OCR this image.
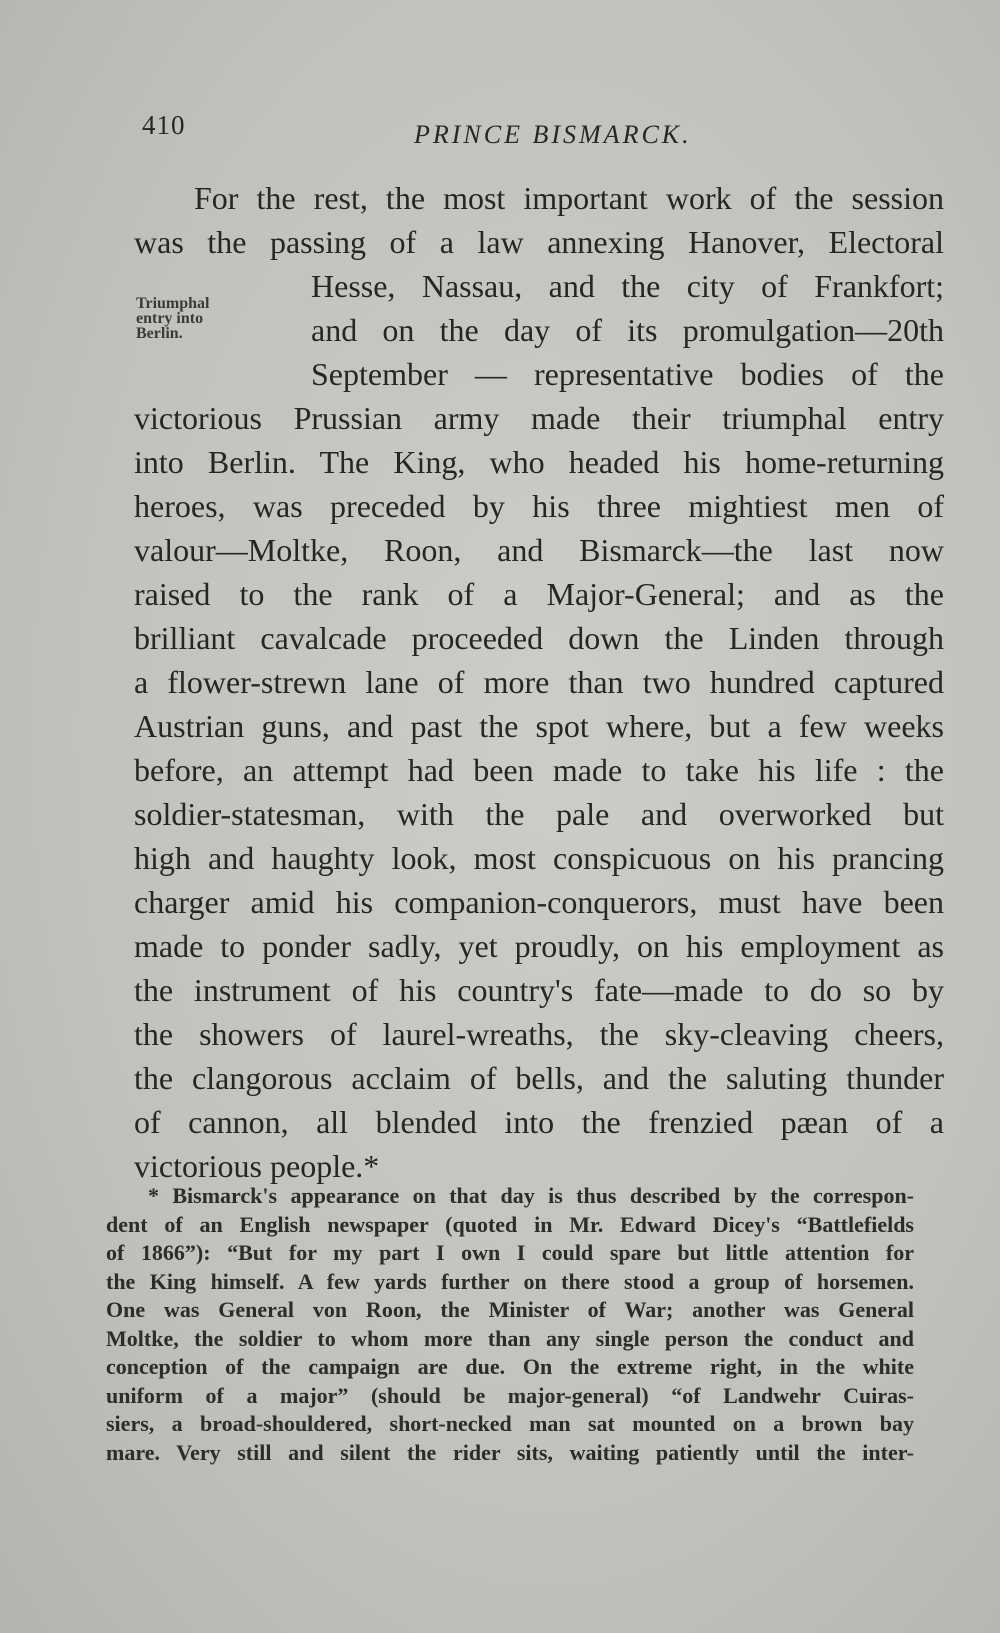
410	PRINCE BISMARCK.
Triumphal
entry into
Berlin.
For the rest, the most important work of the session
was the passing of a law annexing Hanover, Electoral
Hesse, Nassau, and the city of Frankfort;
and on the day of its promulgation—20th
September — representative bodies of the
victorious Prussian army made their triumphal entry
into Berlin. The King, who headed his home-returning
heroes, was preceded by his three mightiest men of
valour—Moltke, Roon, and Bismarck—the last now
raised to the rank of a Major-General; and as the
brilliant cavalcade proceeded down the Linden through
a flower-strewn lane of more than two hundred captured
Austrian guns, and past the spot where, but a few weeks
before, an attempt had been made to take his life : the
soldier-statesman, with the pale and overworked but
high and haughty look, most conspicuous on his prancing
charger amid his companion-conquerors, must have been
made to ponder sadly, yet proudly, on his employment as
the instrument of his country's fate—made to do so by
the showers of laurel-wreaths, the sky-cleaving cheers,
the clangorous acclaim of bells, and the saluting thunder
of cannon, all blended into the frenzied pæan of a
victorious people.*
* Bismarck's appearance on that day is thus described by the correspon-
dent of an English newspaper (quoted in Mr. Edward Dicey's “Battlefields
of 1866”): “But for my part I own I could spare but little attention for
the King himself. A few yards further on there stood a group of horsemen.
One was General von Roon, the Minister of War; another was General
Moltke, the soldier to whom more than any single person the conduct and
conception of the campaign are due. On the extreme right, in the white
uniform of a major” (should be major-general) “of Landwehr Cuiras-
siers, a broad-shouldered, short-necked man sat mounted on a brown bay
mare. Very still and silent the rider sits, waiting patiently until the inter-
